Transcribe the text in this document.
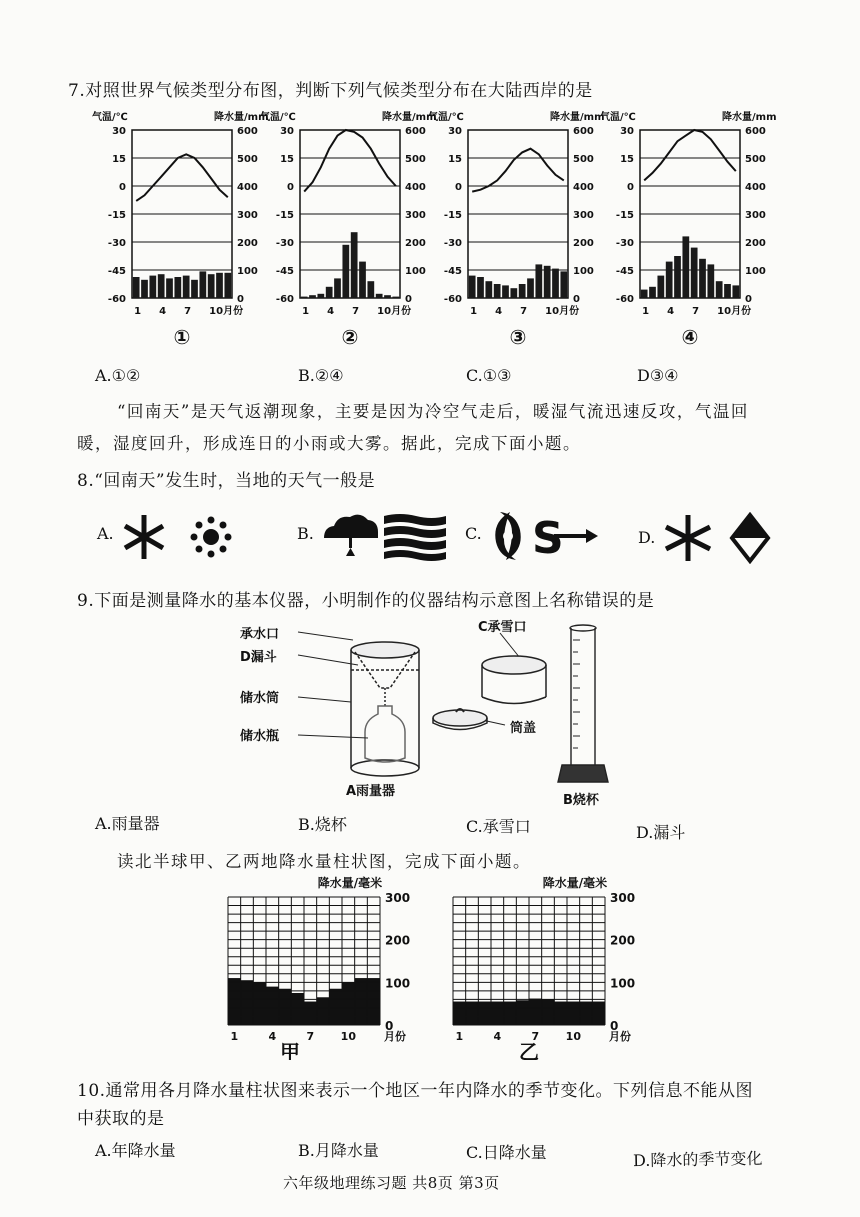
7.对照世界气候类型分布图，判断下列气候类型分布在大陆西岸的是
气温/℃	降水量/mm
30	600
15	500
0	400
-15	300
-30	200
-45	100
-60	0
1 4 7 10月份
①
气温/℃	降水量/mm
30	600
15	500
0	400
-15	300
-30	200
-45	100
-60	0
1 4 7 10月份
②
气温/℃	降水量/mm
30	600
15	500
0	400
-15	300
-30	200
-45	100
-60	0
1 4 7 10月份
③
气温/℃	降水量/mm
30	600
15	500
0	400
-15	300
-30	200
-45	100
-60	0
1 4 7 10月份
④
A.①②	B.②④	C.①③	D③④
“回南天”是天气返潮现象，主要是因为冷空气走后，暖湿气流迅速反攻，气温回
暖，湿度回升，形成连日的小雨或大雾。据此，完成下面小题。
8.“回南天”发生时，当地的天气一般是
A.	B.	C.	D.
S
9.下面是测量降水的基本仪器，小明制作的仪器结构示意图上名称错误的是
承水口
D漏斗
储水筒
储水瓶
A雨量器
C承雪口
筒盖
B烧杯
A.雨量器	B.烧杯	C.承雪口	D.漏斗
读北半球甲、乙两地降水量柱状图，完成下面小题。
降水量/毫米
300
200
100
0
1	4	7 10	月份
甲
降水量/毫米
300
200
100
0
1	4	7 10	月份
乙
10.通常用各月降水量柱状图来表示一个地区一年内降水的季节变化。下列信息不能从图
中获取的是
A.年降水量	B.月降水量	C.日降水量	D.降水的季节变化
六年级地理练习题 共8页 第3页
